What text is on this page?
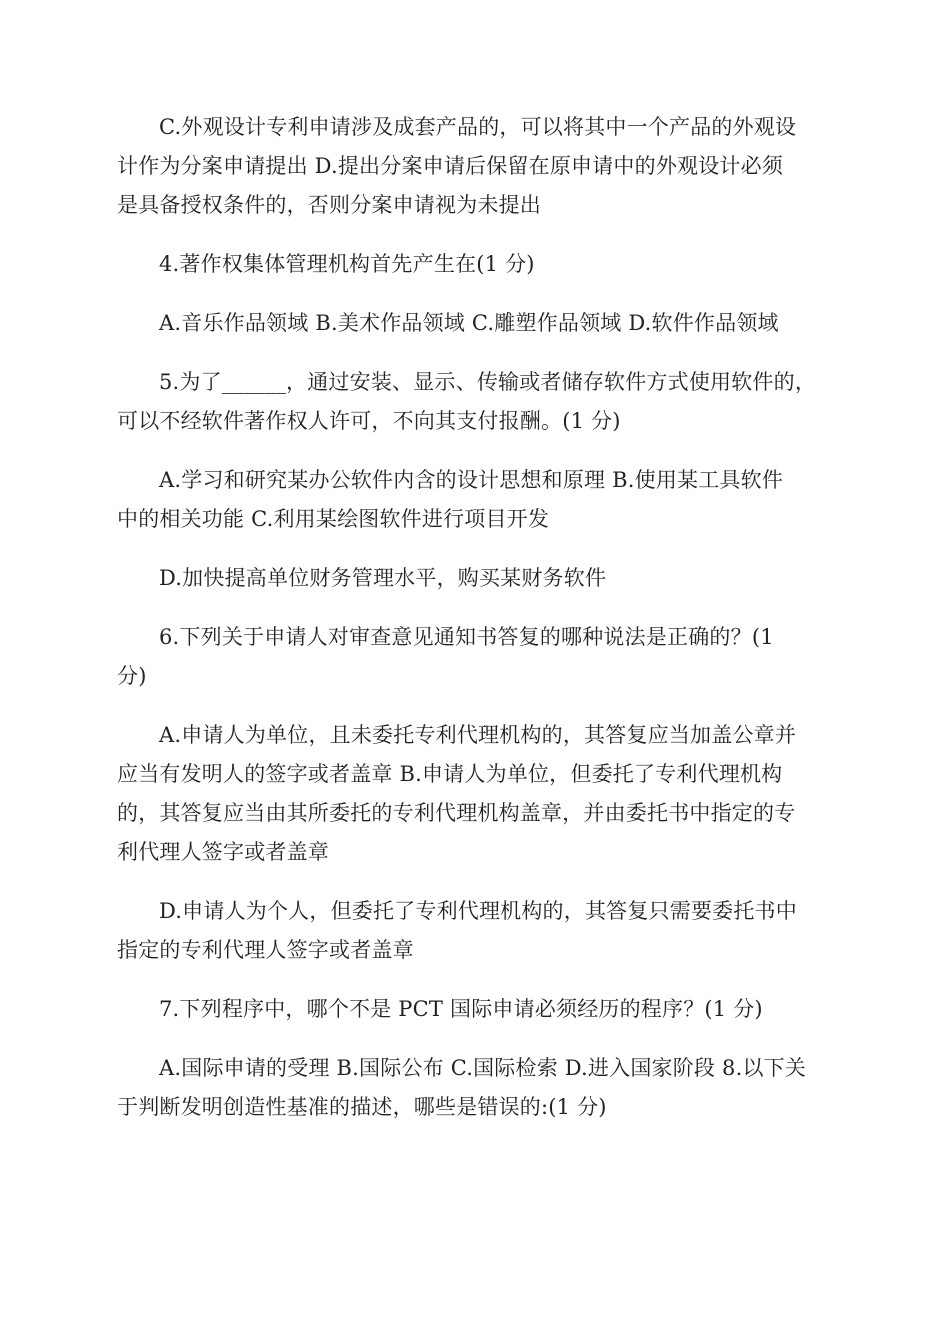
C.外观设计专利申请涉及成套产品的，可以将其中一个产品的外观设
计作为分案申请提出 D.提出分案申请后保留在原申请中的外观设计必须
是具备授权条件的，否则分案申请视为未提出

4.著作权集体管理机构首先产生在(1 分)

A.音乐作品领域 B.美术作品领域 C.雕塑作品领域 D.软件作品领域

5.为了______，通过安装、显示、传输或者储存软件方式使用软件的，
可以不经软件著作权人许可，不向其支付报酬。(1 分)

A.学习和研究某办公软件内含的设计思想和原理 B.使用某工具软件
中的相关功能 C.利用某绘图软件进行项目开发

D.加快提高单位财务管理水平，购买某财务软件

6.下列关于申请人对审查意见通知书答复的哪种说法是正确的？(1
分)

A.申请人为单位，且未委托专利代理机构的，其答复应当加盖公章并
应当有发明人的签字或者盖章 B.申请人为单位，但委托了专利代理机构
的，其答复应当由其所委托的专利代理机构盖章，并由委托书中指定的专
利代理人签字或者盖章

D.申请人为个人，但委托了专利代理机构的，其答复只需要委托书中
指定的专利代理人签字或者盖章

7.下列程序中，哪个不是 PCT 国际申请必须经历的程序？(1 分)

A.国际申请的受理 B.国际公布 C.国际检索 D.进入国家阶段 8.以下关
于判断发明创造性基准的描述，哪些是错误的:(1 分)
